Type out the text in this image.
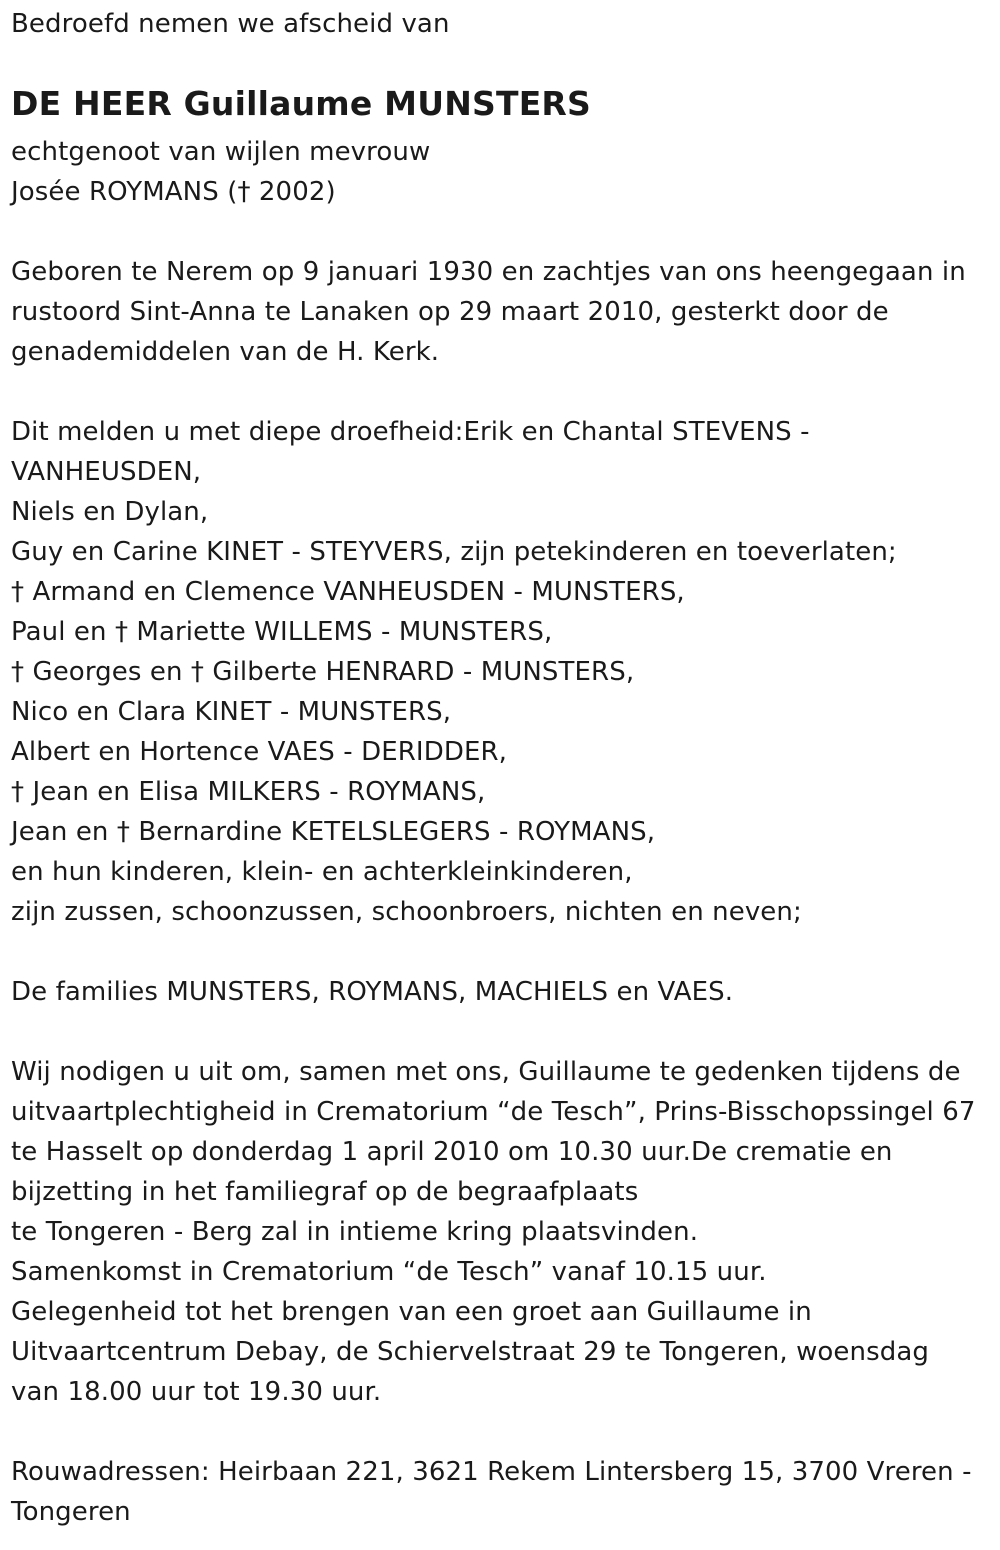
Bedroefd nemen we afscheid van
DE HEER Guillaume MUNSTERS
echtgenoot van wijlen mevrouw
Josée ROYMANS († 2002)
Geboren te Nerem op 9 januari 1930 en zachtjes van ons heengegaan in
rustoord Sint-Anna te Lanaken op 29 maart 2010, gesterkt door de
genademiddelen van de H. Kerk.
Dit melden u met diepe droefheid:Erik en Chantal STEVENS -
VANHEUSDEN,
Niels en Dylan,
Guy en Carine KINET - STEYVERS, zijn petekinderen en toeverlaten;
† Armand en Clemence VANHEUSDEN - MUNSTERS,
Paul en † Mariette WILLEMS - MUNSTERS,
† Georges en † Gilberte HENRARD - MUNSTERS,
Nico en Clara KINET - MUNSTERS,
Albert en Hortence VAES - DERIDDER,
† Jean en Elisa MILKERS - ROYMANS,
Jean en † Bernardine KETELSLEGERS - ROYMANS,
en hun kinderen, klein- en achterkleinkinderen,
zijn zussen, schoonzussen, schoonbroers, nichten en neven;
De families MUNSTERS, ROYMANS, MACHIELS en VAES.
Wij nodigen u uit om, samen met ons, Guillaume te gedenken tijdens de
uitvaartplechtigheid in Crematorium “de Tesch”, Prins-Bisschopssingel 67
te Hasselt op donderdag 1 april 2010 om 10.30 uur.De crematie en
bijzetting in het familiegraf op de begraafplaats
te Tongeren - Berg zal in intieme kring plaatsvinden.
Samenkomst in Crematorium “de Tesch” vanaf 10.15 uur.
Gelegenheid tot het brengen van een groet aan Guillaume in
Uitvaartcentrum Debay, de Schiervelstraat 29 te Tongeren, woensdag
van 18.00 uur tot 19.30 uur.
Rouwadressen: Heirbaan 221, 3621 Rekem Lintersberg 15, 3700 Vreren -
Tongeren
